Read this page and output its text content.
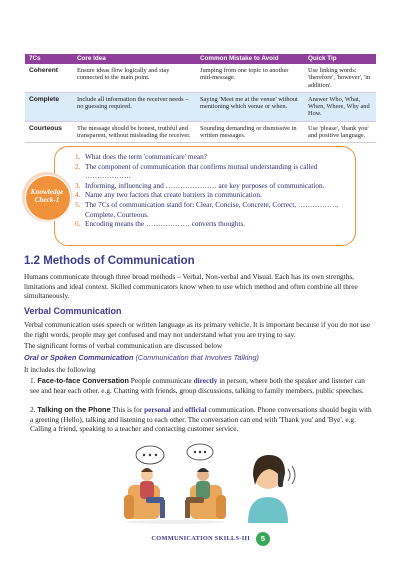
7Cs	Core Idea	Common Mistake to Avoid	Quick Tip
Coherent	Ensure ideas flow logically and stay connected to the main point.	Jumping from one topic to another mid-message.	Use linking words: 'therefore', 'however', 'in addition'.
Complete	Include all information the receiver needs – no guessing required.	Saying 'Meet me at the venue' without mentioning which venue or when.	Answer Who, What, When, Where, Why and How.
Courteous	The message should be honest, truthful and transparent, without misleading the receiver.	Sounding demanding or dismissive in written messages.	Use 'please', 'thank you' and positive language.
Knowledge
Check-1
1. What does the term 'communicare' mean?
2. The component of communication that confirms mutual understanding is called ……………….
3. Informing, influencing and ………………… are key purposes of communication.
4. Name any two factors that create barriers in communication.
5. The 7Cs of communication stand for: Clear, Concise, Concrete, Correct, ……………., Complete, Courteous.
6. Encoding means the ……………… converts thoughts.
1.2 Methods of Communication

Humans communicate through three broad methods – Verbal, Non-verbal and Visual. Each has its own strengths, limitations and ideal context. Skilled communicators know when to use which method and often combine all three simultaneously.

Verbal Communication

Verbal communication uses speech or written language as its primary vehicle. It is important because if you do not use the right words, people may get confused and may not understand what you are trying to say.

The significant forms of verbal communication are discussed below

Oral or Spoken Communication (Communication that Involves Talking)

It includes the following

1. Face-to-face Conversation People communicate directly in person, where both the speaker and listener can see and hear each other. e.g. Chatting with friends, group discussions, talking to family members, public speeches.
2. Talking on the Phone This is for personal and official communication. Phone conversations should begin with a greeting (Hello), talking and listening to each other. The conversation can end with 'Thank you' and 'Bye'. e.g. Calling a friend, speaking to a teacher and contacting customer service.
COMMUNICATION SKILLS-III	5
